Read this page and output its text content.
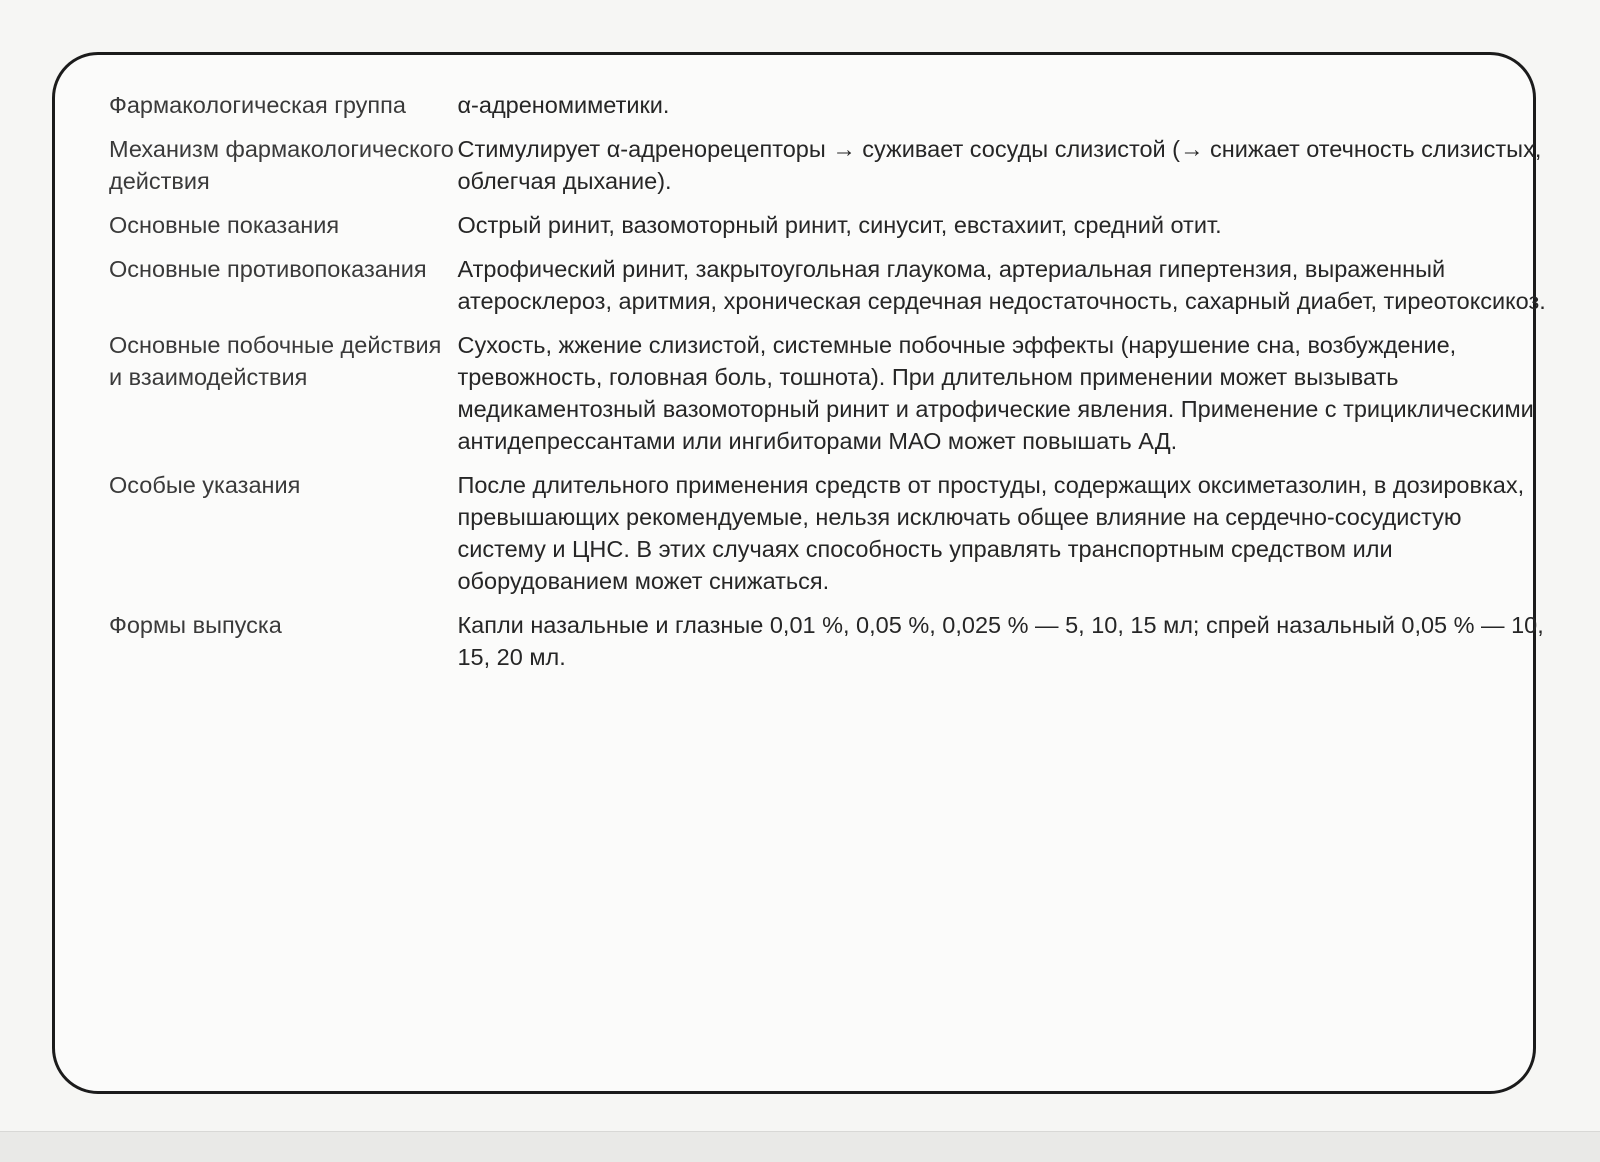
Фармакологическая группа	α-адреномиметики.
Механизм фармакологического действия	Стимулирует α-адренорецепторы → суживает сосуды слизистой (→ снижает отечность слизистых, облегчая дыхание).
Основные показания	Острый ринит, вазомоторный ринит, синусит, евстахиит, средний отит.
Основные противопоказания	Атрофический ринит, закрытоугольная глаукома, артериальная гипертензия, выраженный атеросклероз, аритмия, хроническая сердечная недостаточность, сахарный диабет, тиреотоксикоз.
Основные побочные действия и взаимодействия	Сухость, жжение слизистой, системные побочные эффекты (нарушение сна, возбуждение, тревожность, головная боль, тошнота). При длительном применении может вызывать медикаментозный вазомоторный ринит и атрофические явления. Применение с трициклическими антидепрессантами или ингибиторами МАО может повышать АД.
Особые указания	После длительного применения средств от простуды, содержащих оксиметазолин, в дозировках, превышающих рекомендуемые, нельзя исключать общее влияние на сердечно-сосудистую систему и ЦНС. В этих случаях способность управлять транспортным средством или оборудованием может снижаться.
Формы выпуска	Капли назальные и глазные 0,01 %, 0,05 %, 0,025 % — 5, 10, 15 мл; спрей назальный 0,05 % — 10, 15, 20 мл.
